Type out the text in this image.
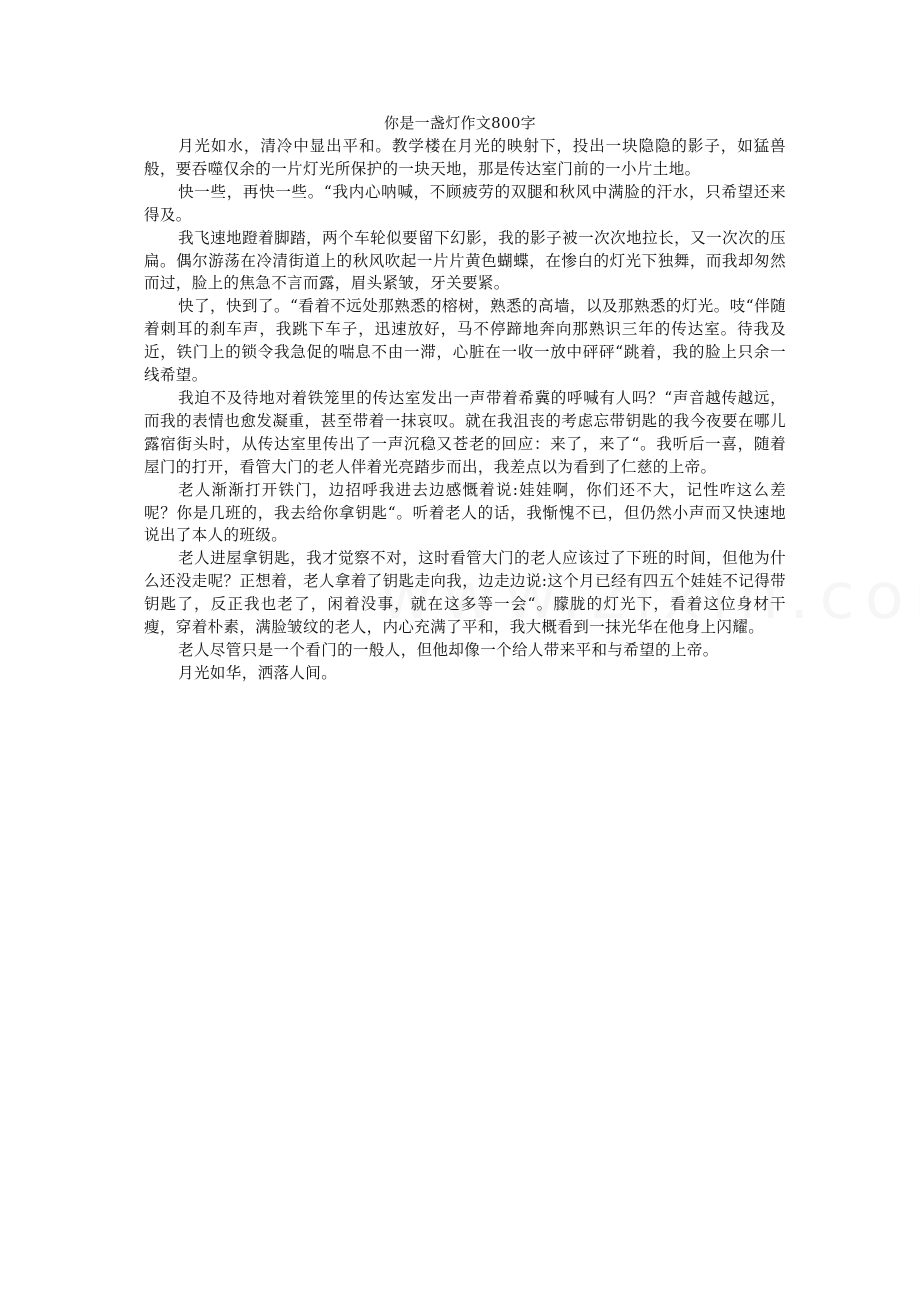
你是一盏灯作文800字

月光如水，清冷中显出平和。教学楼在月光的映射下，投出一块隐隐的影子，如猛兽般，要吞噬仅余的一片灯光所保护的一块天地，那是传达室门前的一小片土地。

快一些，再快一些。“我内心呐喊，不顾疲劳的双腿和秋风中满脸的汗水，只希望还来得及。

我飞速地蹬着脚踏，两个车轮似要留下幻影，我的影子被一次次地拉长，又一次次的压扁。偶尔游荡在冷清街道上的秋风吹起一片片黄色蝴蝶，在惨白的灯光下独舞，而我却匆然而过，脸上的焦急不言而露，眉头紧皱，牙关要紧。

快了，快到了。“看着不远处那熟悉的榕树，熟悉的高墙，以及那熟悉的灯光。吱“伴随着刺耳的刹车声，我跳下车子，迅速放好，马不停蹄地奔向那熟识三年的传达室。待我及近，铁门上的锁令我急促的喘息不由一滞，心脏在一收一放中砰砰“跳着，我的脸上只余一线希望。

我迫不及待地对着铁笼里的传达室发出一声带着希冀的呼喊有人吗？“声音越传越远，而我的表情也愈发凝重，甚至带着一抹哀叹。就在我沮丧的考虑忘带钥匙的我今夜要在哪儿露宿街头时，从传达室里传出了一声沉稳又苍老的回应：来了，来了“。我听后一喜，随着屋门的打开，看管大门的老人伴着光亮踏步而出，我差点以为看到了仁慈的上帝。

老人渐渐打开铁门，边招呼我进去边感慨着说:娃娃啊，你们还不大，记性咋这么差呢？你是几班的，我去给你拿钥匙“。听着老人的话，我惭愧不已，但仍然小声而又快速地说出了本人的班级。

老人进屋拿钥匙，我才觉察不对，这时看管大门的老人应该过了下班的时间，但他为什么还没走呢？正想着，老人拿着了钥匙走向我，边走边说:这个月已经有四五个娃娃不记得带钥匙了，反正我也老了，闲着没事，就在这多等一会“。朦胧的灯光下，看着这位身材干瘦，穿着朴素，满脸皱纹的老人，内心充满了平和，我大概看到一抹光华在他身上闪耀。

老人尽管只是一个看门的一般人，但他却像一个给人带来平和与希望的上帝。

月光如华，洒落人间。
